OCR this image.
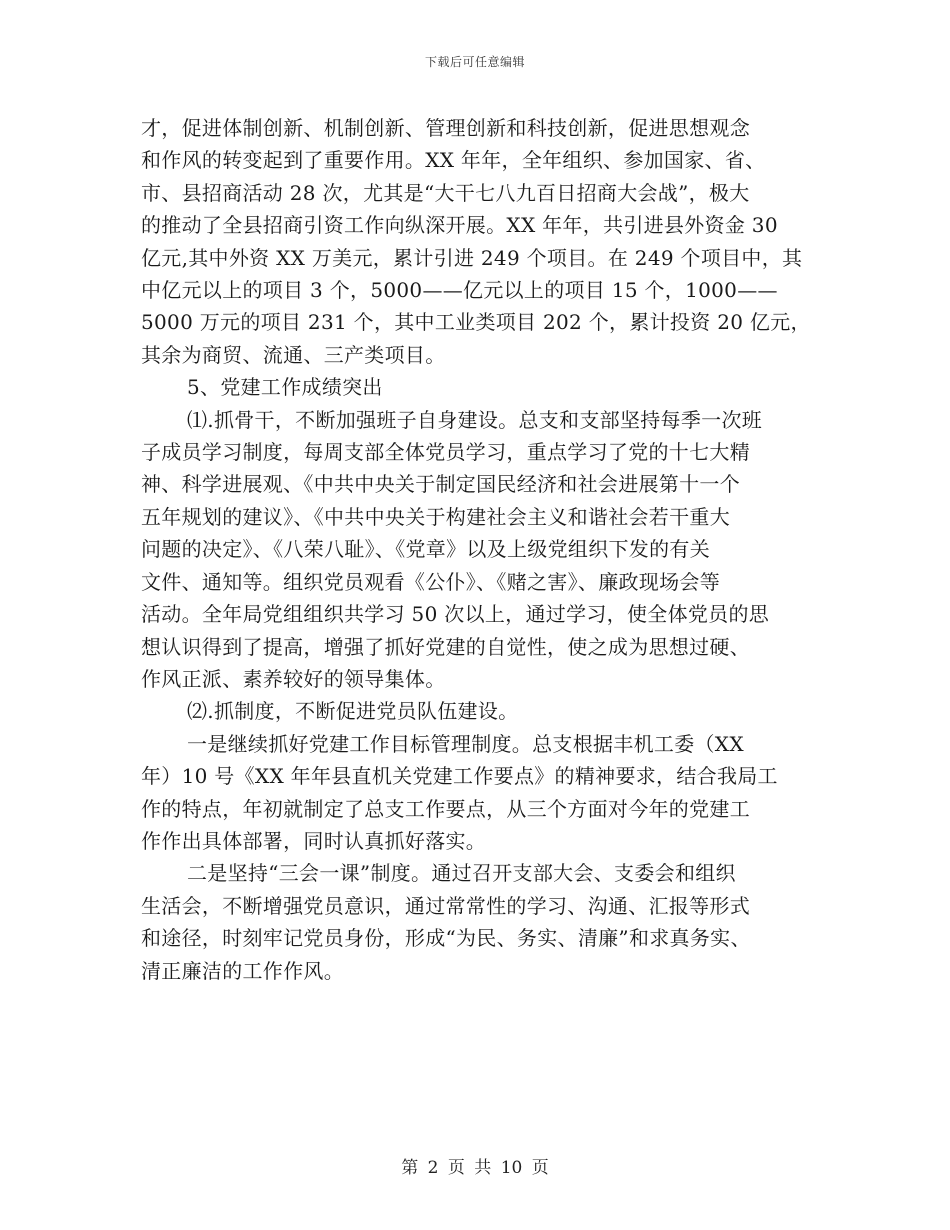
下载后可任意编辑
才，促进体制创新、机制创新、管理创新和科技创新，促进思想观念
和作风的转变起到了重要作用。XX 年年，全年组织、参加国家、省、
市、县招商活动 28 次，尤其是“大干七八九百日招商大会战”，极大
的推动了全县招商引资工作向纵深开展。XX 年年，共引进县外资金 30
亿元,其中外资 XX 万美元，累计引进 249 个项目。在 249 个项目中，其
中亿元以上的项目 3 个，5000——亿元以上的项目 15 个，1000——
5000 万元的项目 231 个，其中工业类项目 202 个，累计投资 20 亿元，
其余为商贸、流通、三产类项目。
5、党建工作成绩突出
⑴.抓骨干，不断加强班子自身建设。总支和支部坚持每季一次班
子成员学习制度，每周支部全体党员学习，重点学习了党的十七大精
神、科学进展观、《中共中央关于制定国民经济和社会进展第十一个
五年规划的建议》、《中共中央关于构建社会主义和谐社会若干重大
问题的决定》、《八荣八耻》、《党章》以及上级党组织下发的有关
文件、通知等。组织党员观看《公仆》、《赌之害》、廉政现场会等
活动。全年局党组组织共学习 50 次以上，通过学习，使全体党员的思
想认识得到了提高，增强了抓好党建的自觉性，使之成为思想过硬、
作风正派、素养较好的领导集体。
⑵.抓制度，不断促进党员队伍建设。
一是继续抓好党建工作目标管理制度。总支根据丰机工委（XX
年）10 号《XX 年年县直机关党建工作要点》的精神要求，结合我局工
作的特点，年初就制定了总支工作要点，从三个方面对今年的党建工
作作出具体部署，同时认真抓好落实。
二是坚持“三会一课”制度。通过召开支部大会、支委会和组织
生活会，不断增强党员意识，通过常常性的学习、沟通、汇报等形式
和途径，时刻牢记党员身份，形成“为民、务实、清廉”和求真务实、
清正廉洁的工作作风。
第 2 页 共 10 页
